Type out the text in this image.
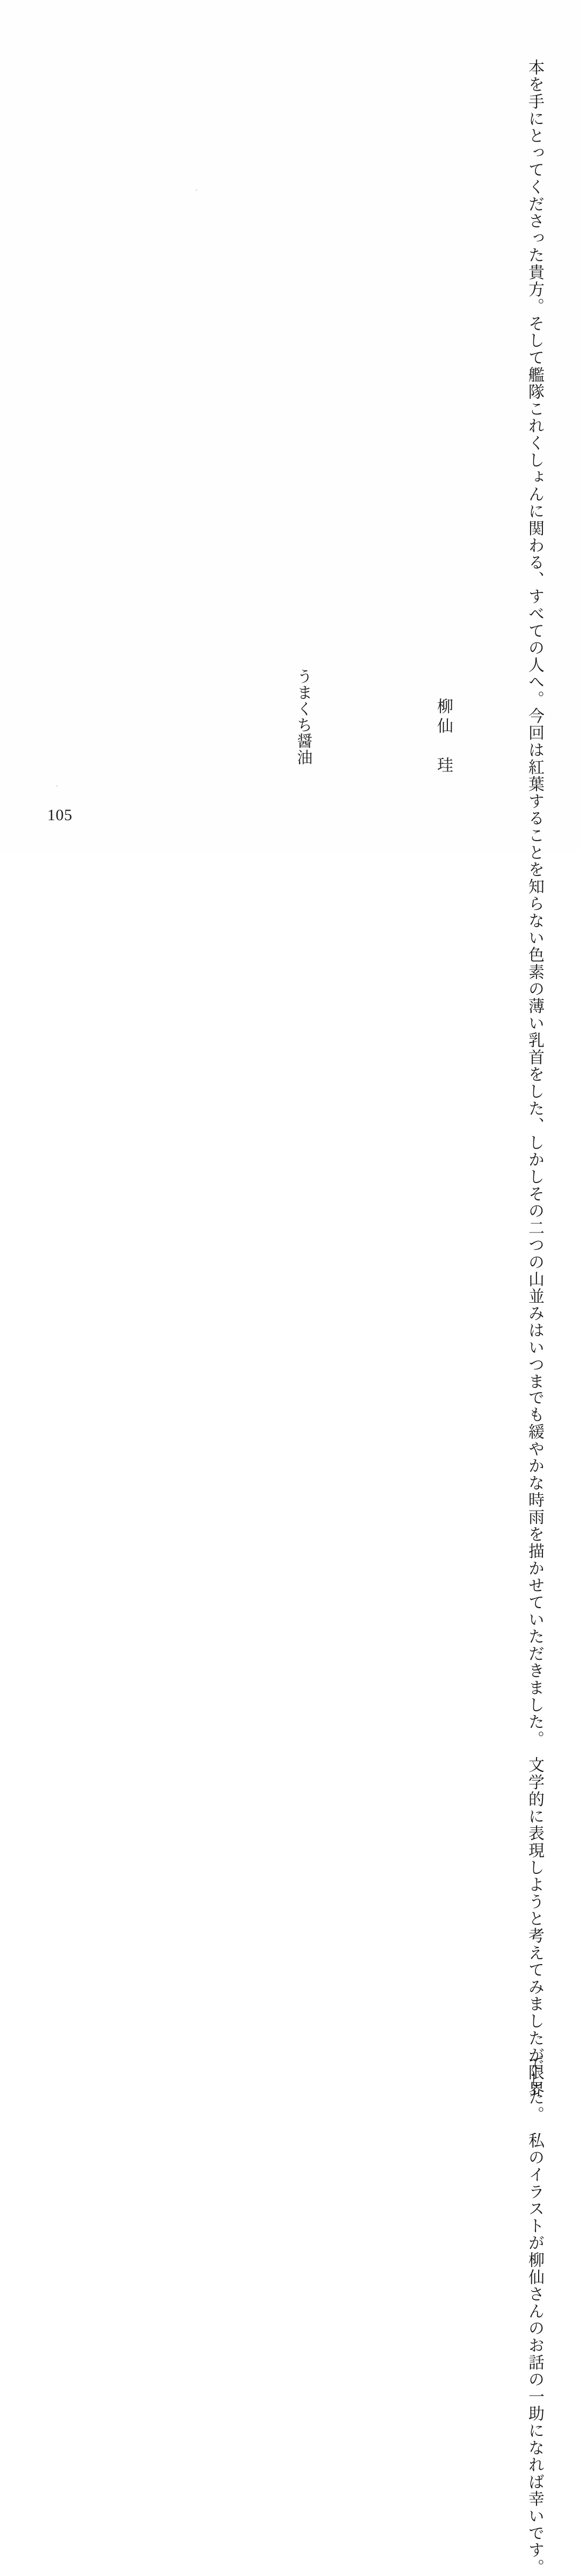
本を手にとってくださった貴方。
そして艦隊これくしょんに関わる、すべての人へ。
今回は紅葉することを知らない色素の薄い乳首をした、しかしその二つの山並みはいつま
でも緩やかな時雨を描かせていただきました。　文学的に表現しようと考えてみましたが限界
でした。　私のイラストが柳仙さんのお話の一助になれば幸いです。
柳仙　珪
うまくち醤油
105
